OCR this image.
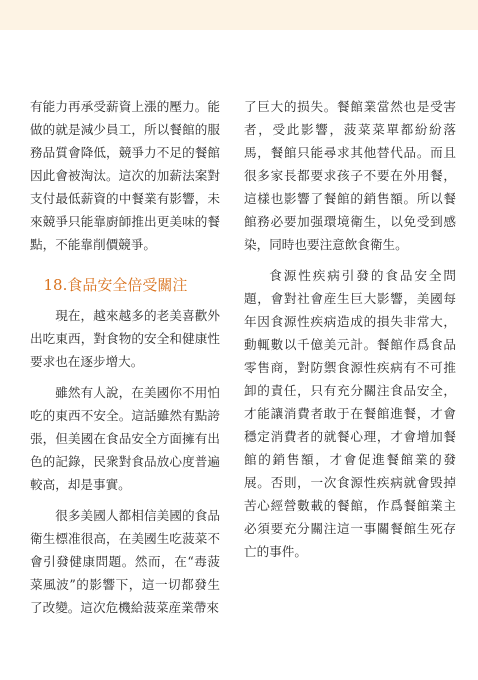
有能力再承受薪資上漲的壓力。能做的就是減少員工，所以餐館的服務品質會降低，競爭力不足的餐館因此會被淘汰。這次的加薪法案對支付最低薪資的中餐業有影響，未來競爭只能靠廚師推出更美味的餐點，不能靠削價競爭。

18.食品安全倍受關注

現在，越來越多的老美喜歡外出吃東西，對食物的安全和健康性要求也在逐步增大。

雖然有人說，在美國你不用怕吃的東西不安全。這話雖然有點誇張，但美國在食品安全方面擁有出色的記錄，民衆對食品放心度普遍較高，却是事實。

很多美國人都相信美國的食品衛生標准很高，在美國生吃菠菜不會引發健康問題。然而，在“毒菠菜風波”的影響下，這一切都發生了改變。這次危機給菠菜産業帶來

了巨大的损失。餐館業當然也是受害者，受此影響，菠菜菜單都紛紛落馬，餐館只能尋求其他替代品。而且很多家長都要求孩子不要在外用餐，這樣也影響了餐館的銷售額。所以餐館務必要加强環境衛生，以免受到感染，同時也要注意飲食衛生。

食源性疾病引發的食品安全問題，會對社會産生巨大影響，美國每年因食源性疾病造成的損失非常大，動輒數以千億美元計。餐館作爲食品零售商，對防禦食源性疾病有不可推卸的責任，只有充分關注食品安全，才能讓消費者敢于在餐館進餐，才會穩定消費者的就餐心理，才會增加餐館的銷售額，才會促進餐館業的發展。否則，一次食源性疾病就會毁掉苦心經營數載的餐館，作爲餐館業主必須要充分關注這一事關餐館生死存亡的事件。
